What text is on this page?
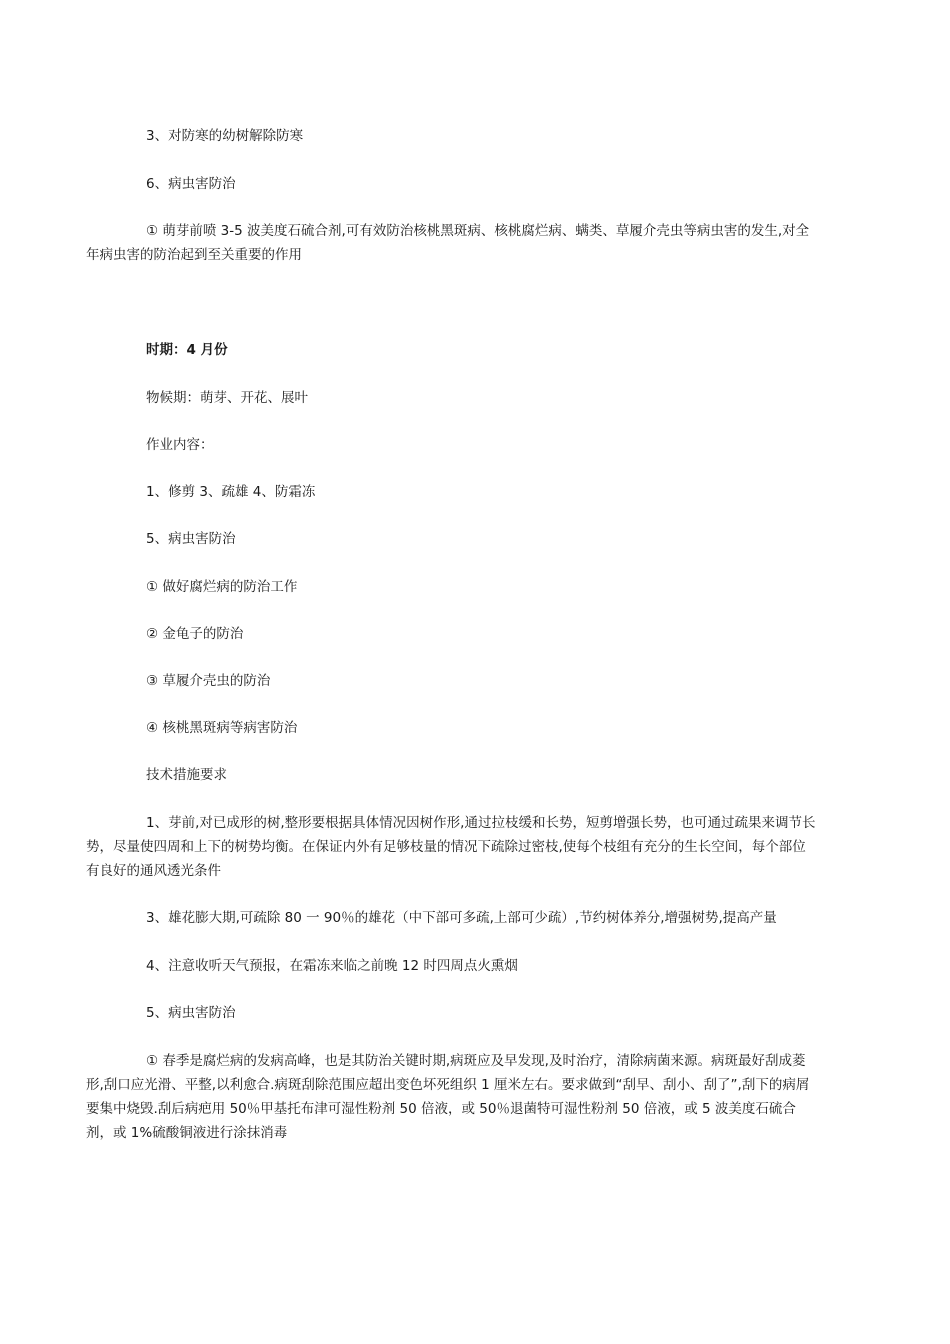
3、对防寒的幼树解除防寒
6、病虫害防治
① 萌芽前喷 3-5 波美度石硫合剂,可有效防治核桃黑斑病、核桃腐烂病、螨类、草履介壳虫等病虫害的发生,对全年病虫害的防治起到至关重要的作用
时期：4 月份
物候期：萌芽、开花、展叶
作业内容：
1、修剪 3、疏雄 4、防霜冻
5、病虫害防治
① 做好腐烂病的防治工作
② 金龟子的防治
③ 草履介壳虫的防治
④ 核桃黑斑病等病害防治
技术措施要求
1、芽前,对已成形的树,整形要根据具体情况因树作形,通过拉枝缓和长势，短剪增强长势，也可通过疏果来调节长势，尽量使四周和上下的树势均衡。在保证内外有足够枝量的情况下疏除过密枝,使每个枝组有充分的生长空间，每个部位有良好的通风透光条件
3、雄花膨大期,可疏除 80 一 90％的雄花（中下部可多疏,上部可少疏）,节约树体养分,增强树势,提高产量
4、注意收听天气预报，在霜冻来临之前晚 12 时四周点火熏烟
5、病虫害防治
① 春季是腐烂病的发病高峰，也是其防治关键时期,病斑应及早发现,及时治疗，清除病菌来源。病斑最好刮成菱形,刮口应光滑、平整,以利愈合.病斑刮除范围应超出变色坏死组织 1 厘米左右。要求做到“刮早、刮小、刮了”,刮下的病屑要集中烧毁.刮后病疤用 50％甲基托布津可湿性粉剂 50 倍液，或 50％退菌特可湿性粉剂 50 倍液，或 5 波美度石硫合剂，或 1%硫酸铜液进行涂抹消毒
